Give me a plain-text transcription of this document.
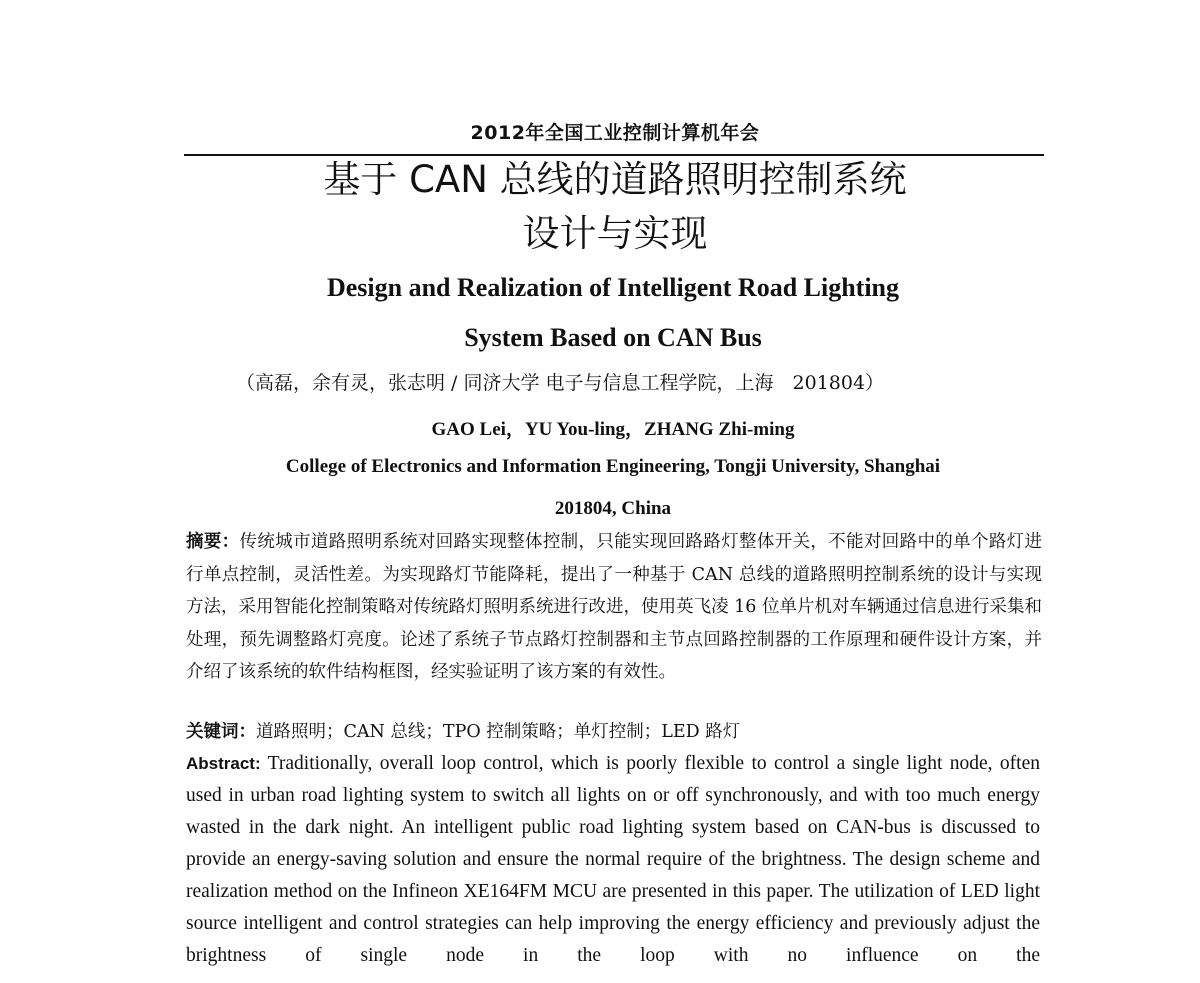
2012年全国工业控制计算机年会
基于 CAN 总线的道路照明控制系统
设计与实现
Design and Realization of Intelligent Road Lighting
System Based on CAN Bus
（高磊，余有灵，张志明 / 同济大学 电子与信息工程学院，上海　201804）
GAO Lei，YU You-ling，ZHANG Zhi-ming
College of Electronics and Information Engineering, Tongji University, Shanghai
201804, China
摘要：传统城市道路照明系统对回路实现整体控制，只能实现回路路灯整体开关，不能对回路中的单个路灯进行单点控制，灵活性差。为实现路灯节能降耗，提出了一种基于 CAN 总线的道路照明控制系统的设计与实现方法，采用智能化控制策略对传统路灯照明系统进行改进，使用英飞凌 16 位单片机对车辆通过信息进行采集和处理，预先调整路灯亮度。论述了系统子节点路灯控制器和主节点回路控制器的工作原理和硬件设计方案，并介绍了该系统的软件结构框图，经实验证明了该方案的有效性。
关键词：道路照明；CAN 总线；TPO 控制策略；单灯控制；LED 路灯
Abstract: Traditionally, overall loop control, which is poorly flexible to control a single light node, often used in urban road lighting system to switch all lights on or off synchronously, and with too much energy wasted in the dark night. An intelligent public road lighting system based on CAN-bus is discussed to provide an energy-saving solution and ensure the normal require of the brightness. The design scheme and realization method on the Infineon XE164FM MCU are presented in this paper. The utilization of LED light source intelligent and control strategies can help improving the energy efficiency and previously adjust the brightness of single node in the loop with no influence on the
